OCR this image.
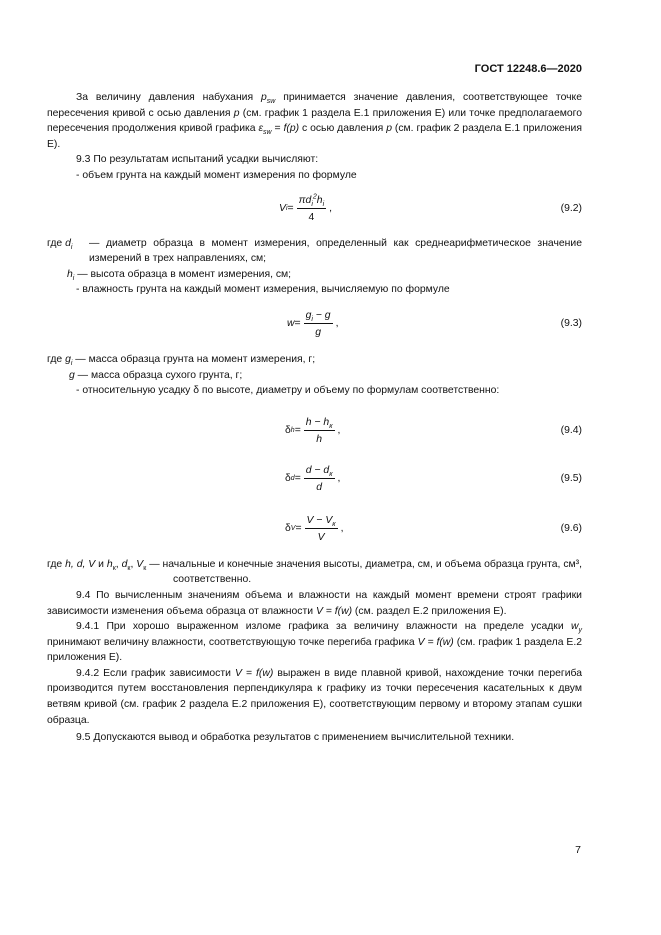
ГОСТ 12248.6—2020

За величину давления набухания $p_{sw}$ принимается значение давления, соответствующее точке пересечения кривой с осью давления p (см. график 1 раздела Е.1 приложения Е) или точке предполагаемого пересечения продолжения кривой графика $\varepsilon_{sw} = f(p)$ с осью давления p (см. график 2 раздела Е.1 приложения Е).

9.3 По результатам испытаний усадки вычисляют:

- объем грунта на каждый момент измерения по формуле

V $i = \frac{\pi d_i^2h_i}{4}$ ,	(9.2)
где $d_i$	— диаметр образца в момент измерения, определенный как среднеарифметическое значение измерений в трех направлениях, см;

$h_i$ — высота образца в момент измерения, см;

- влажность грунта на каждый момент измерения, вычисляемую по формуле

$w = \frac{g_i - g}{g}$ ,	(9.3)

где $g_i$ — масса образца грунта на момент измерения, г;

g — масса образца сухого грунта, г;

- относительную усадку δ по высоте, диаметру и объему по формулам соответственно:

δ $h = \frac{h - h_к}{h}$ ,	(9.4)
δ $d = \frac{d - d_к}{d}$ ,	(9.5)
δ $V = \frac{V - V_к}{V}$ ,	(9.6)

где h, d, V и $h_к$, $d_к$, $V_к$ — начальные и конечные значения высоты, диаметра, см, и объема образца грунта, см³, соответственно.

9.4 По вычисленным значениям объема и влажности на каждый момент времени строят графики зависимости изменения объема образца от влажности V = f(w) (см. раздел Е.2 приложения Е).

9.4.1 При хорошо выраженном изломе графика за величину влажности на пределе усадки $w_y$ принимают величину влажности, соответствующую точке перегиба графика V = f(w) (см. график 1 раздела Е.2 приложения Е).

9.4.2 Если график зависимости V = f(w) выражен в виде плавной кривой, нахождение точки перегиба производится путем восстановления перпендикуляра к графику из точки пересечения касательных к двум ветвям кривой (см. график 2 раздела Е.2 приложения Е), соответствующим первому и второму этапам сушки образца.

9.5 Допускаются вывод и обработка результатов с применением вычислительной техники.

7
